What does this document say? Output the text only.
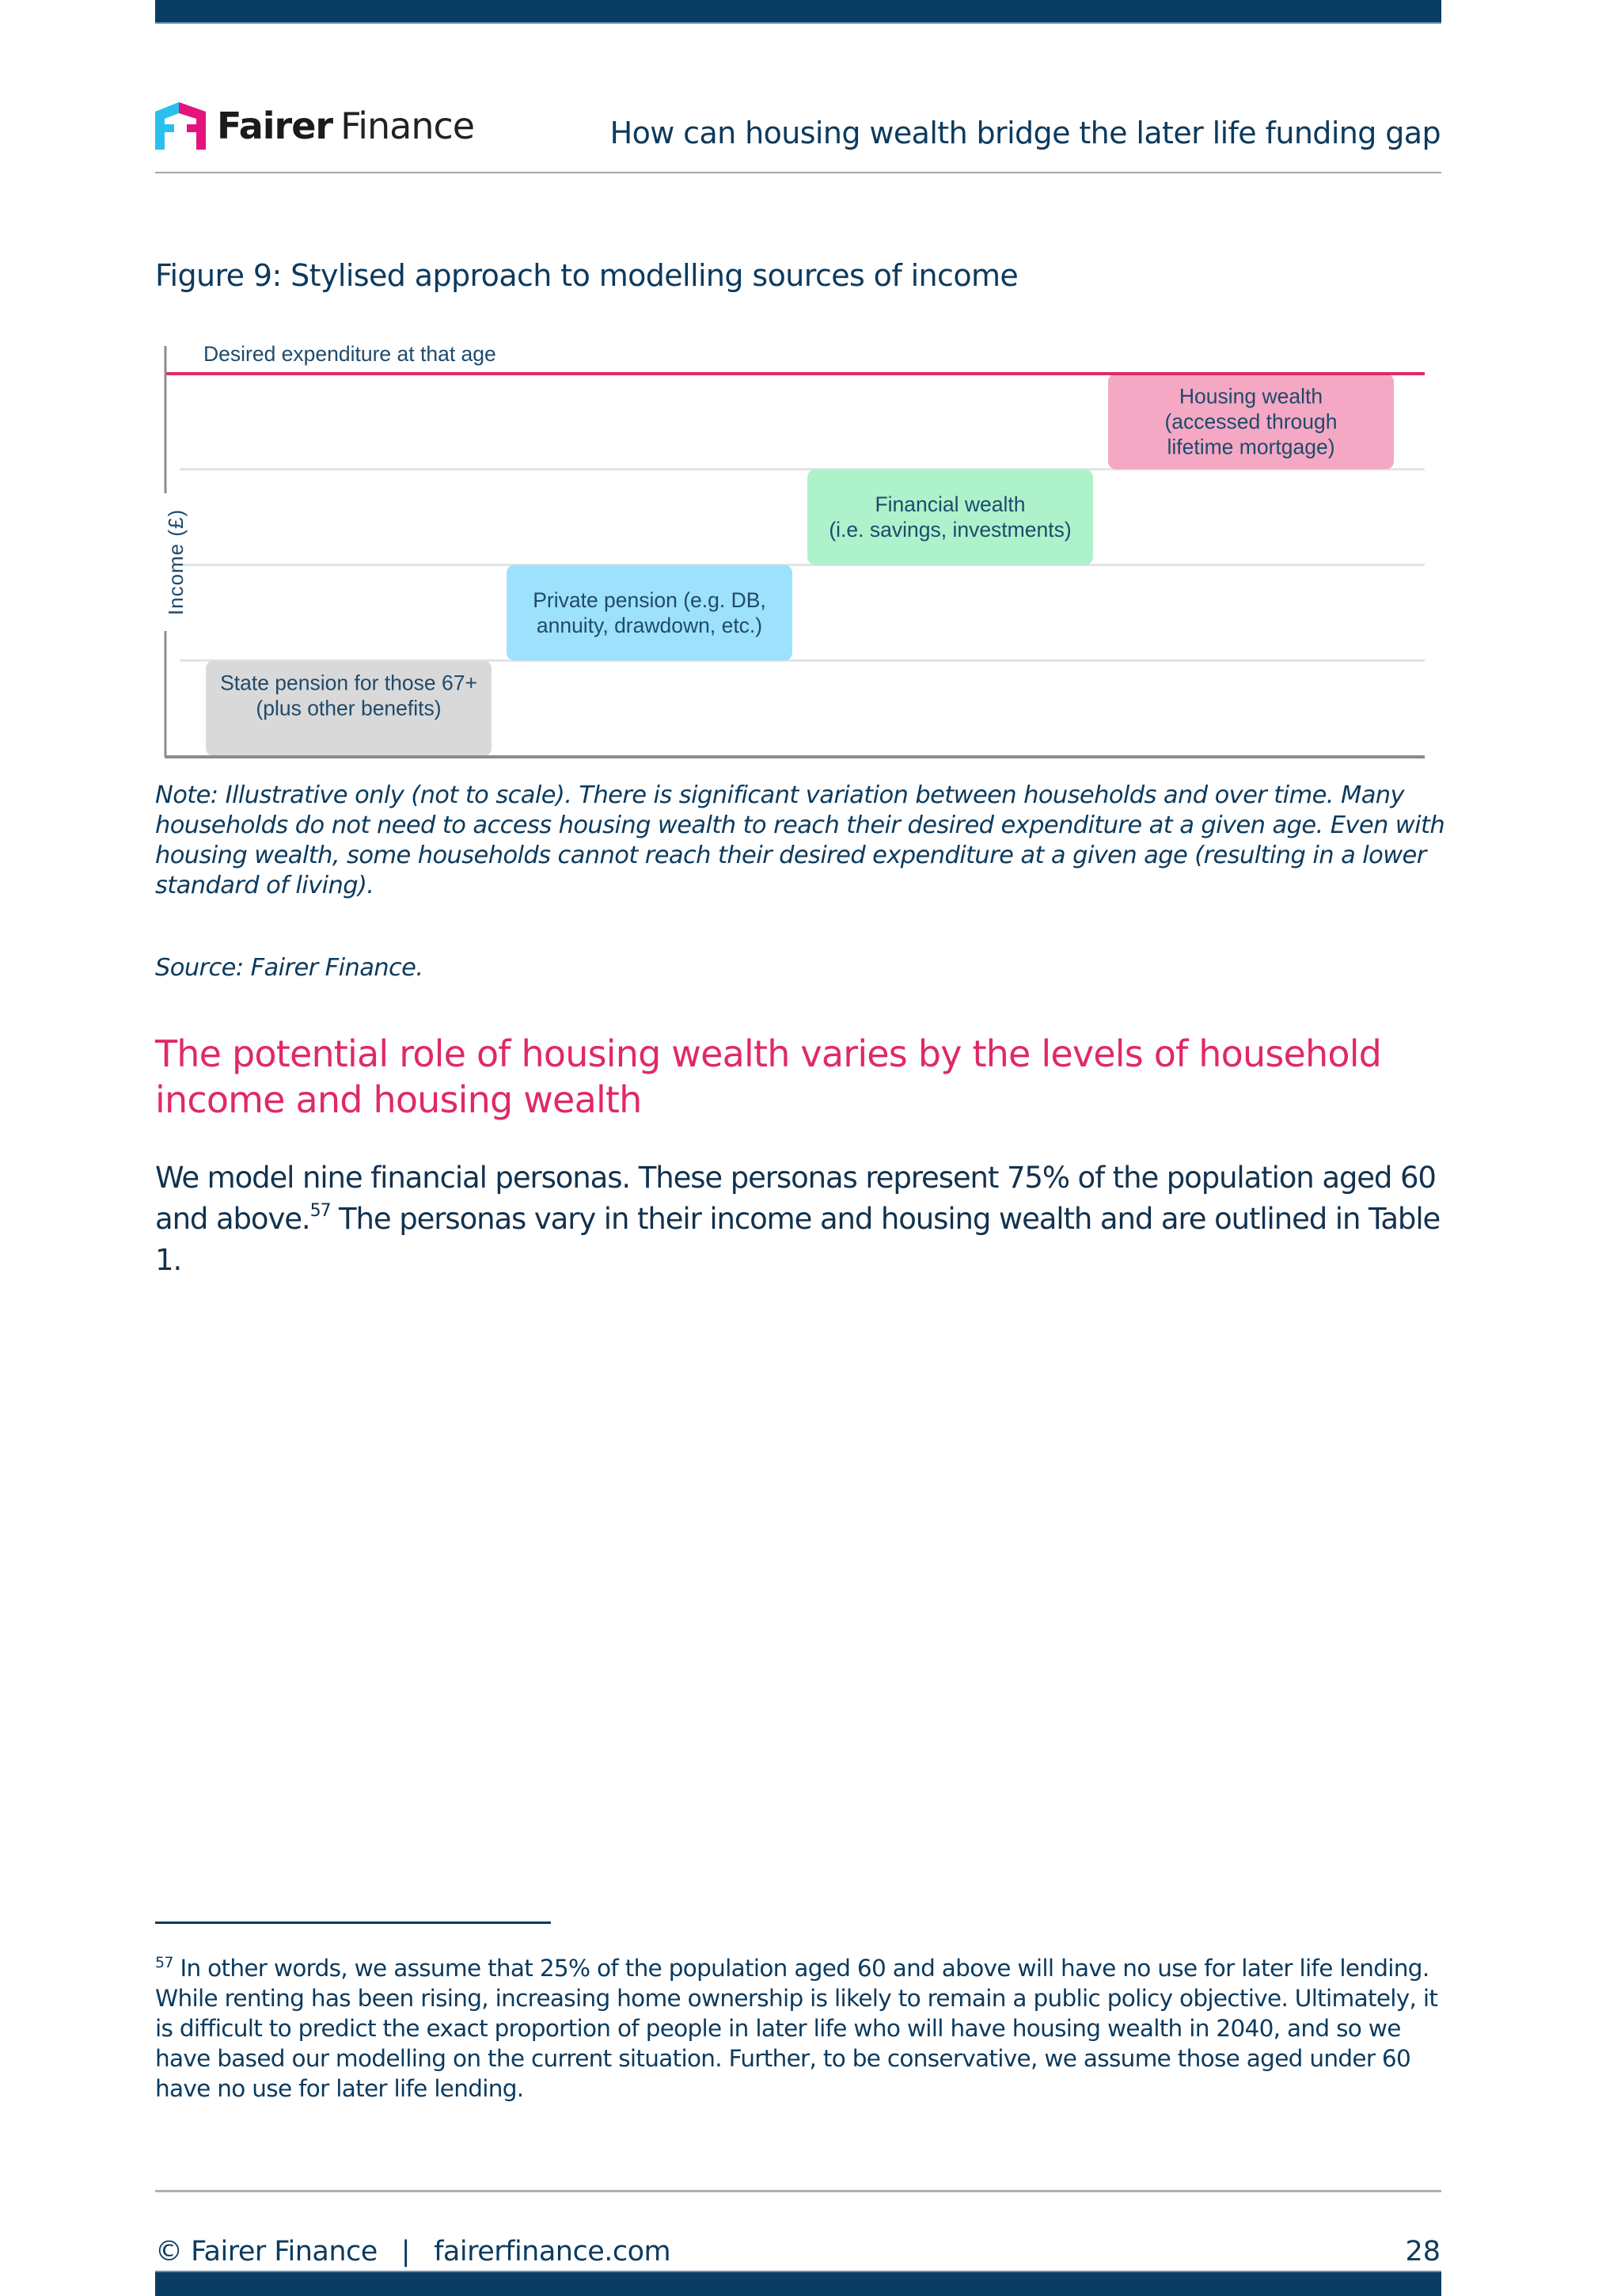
Fairer Finance	How can housing wealth bridge the later life funding gap
Figure 9: Stylised approach to modelling sources of income
State pension for those 67+
(plus other benefits)
Private pension (e.g. DB,
annuity, drawdown, etc.)
Financial wealth
(i.e. savings, investments)
Housing wealth
(accessed through
lifetime mortgage)
Desired expenditure at that age
Income (£)
Note: Illustrative only (not to scale). There is significant variation between households and over time. Many households do not need to access housing wealth to reach their desired expenditure at a given age. Even with housing wealth, some households cannot reach their desired expenditure at a given age (resulting in a lower standard of living).
Source: Fairer Finance.
The potential role of housing wealth varies by the levels of household income and housing wealth
We model nine financial personas. These personas represent 75% of the population aged 60 and above.$^{57}$ The personas vary in their income and housing wealth and are outlined in Table 1.
$^{57}$ In other words, we assume that 25% of the population aged 60 and above will have no use for later life lending. While renting has been rising, increasing home ownership is likely to remain a public policy objective. Ultimately, it is difficult to predict the exact proportion of people in later life who will have housing wealth in 2040, and so we have based our modelling on the current situation. Further, to be conservative, we assume those aged under 60 have no use for later life lending.
© Fairer Finance | fairerfinance.com	28
